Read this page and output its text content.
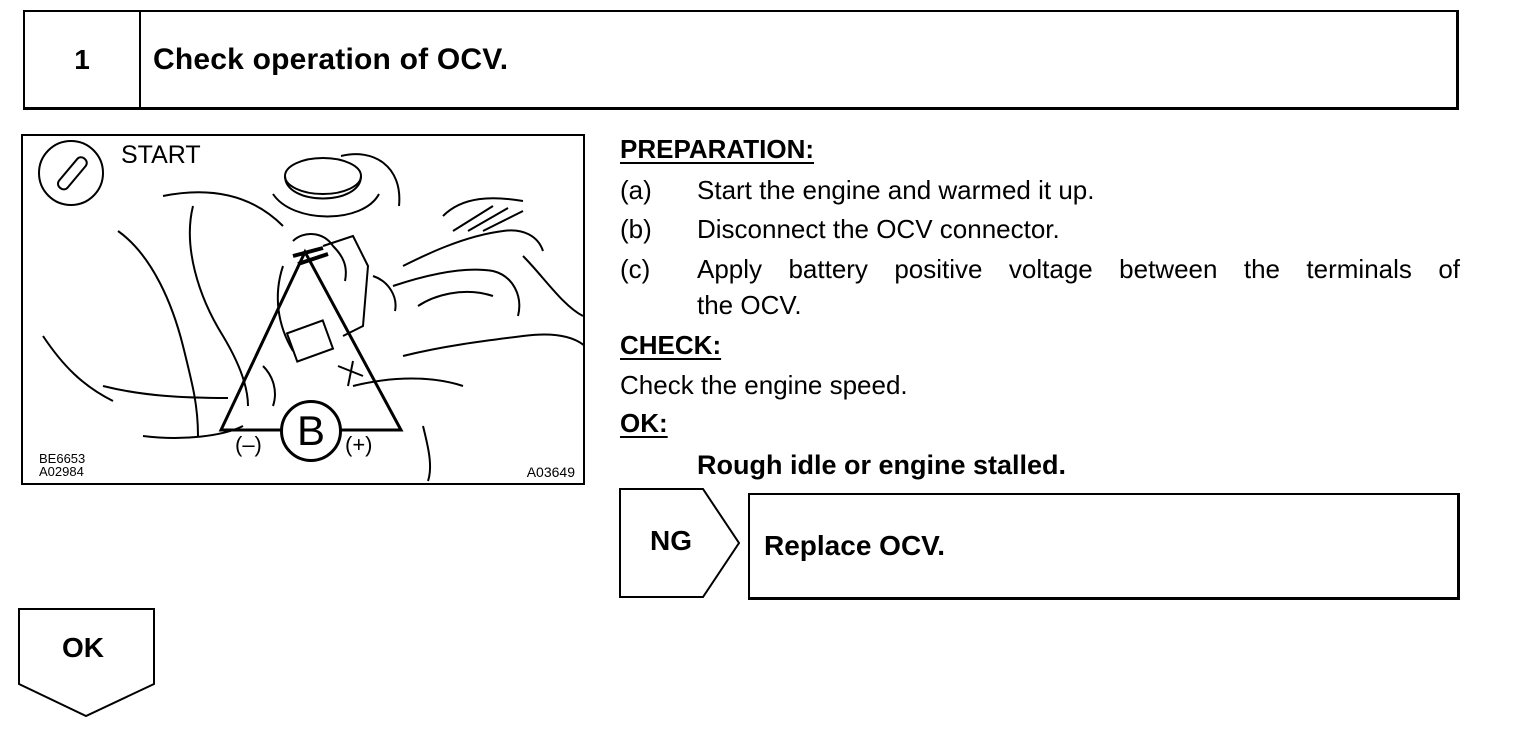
1	Check operation of OCV.
START
B
(–)	(+)
BE6653
A02984	A03649
PREPARATION:
(a) Start the engine and warmed it up.
(b) Disconnect the OCV connector.
(c) Apply battery positive voltage between the terminals of
the OCV.
CHECK:
Check the engine speed.
OK:
Rough idle or engine stalled.
NG	Replace OCV.
OK
